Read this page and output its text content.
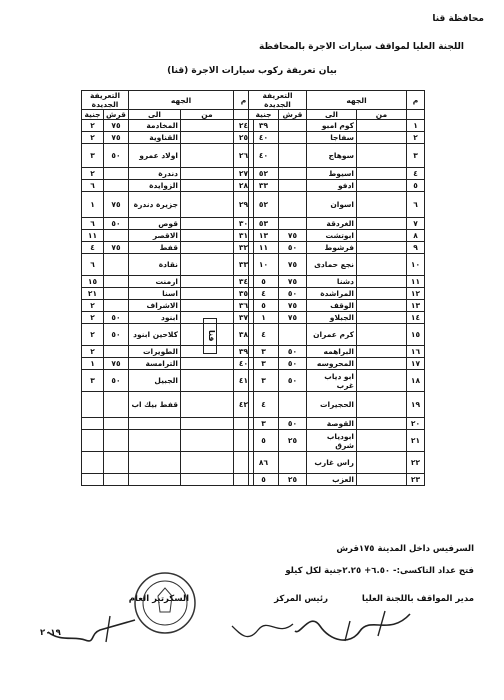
محافظة قنا
اللجنة العليا لمواقف سيارات الاجرة بالمحافظة
بيان تعريفة ركوب سيارات الاجرة (قنا)
التعريفة الجديدة		الجهه		م
جنية	قرش	الى	من	
٢	٧٥	المخادمة		٢٤
٢	٧٥	القناوية		٢٥
٣	٥٠	اولاد عمرو		٢٦
٢		دندرة		٢٧
٦		الزوايدة		٢٨
١	٧٥	جزيرة دندرة		٢٩
٦	٥٠	قوص		٣٠
١١		الاقصر		٣١
٤	٧٥	قفط		٣٢
٦		نقادة		٣٣
١٥		ارمنت		٣٤
٢١		اسنا		٣٥
٢		الاشراف		٣٦
٢	٥٠	ابنود		٣٧
٢	٥٠	كلاحين ابنود		٣٨
٢		الطويرات		٣٩
١	٧٥	الترامسة		٤٠
٣	٥٠	الجبيل		٤١
		قفط بيك اب		٤٢

قنا
التعريفة الجديدة		الجهه		م
جنية	قرش	الى	من	
٣٩		كوم امبو		١
٤٠		سفاجا		٢
٤٠		سوهاج		٣
٥٢		اسيوط		٤
٣٣		ادفو		٥
٥٢		اسوان		٦
٥٣		الغردقة		٧
١٣	٧٥	ابوتشت		٨
١١	٥٠	فرشوط		٩
١٠	٧٥	نجع حمادى		١٠
٥	٧٥	دشنا		١١
٤	٥٠	المراشدة		١٢
٥	٧٥	الوقف		١٣
١	٧٥	الجبلاو		١٤
٤		كرم عمران		١٥
٣	٥٠	البراهمه		١٦
٣	٥٠	المحروسه		١٧
٣	٥٠	ابو دياب غرب		١٨
٤		الحجيرات		١٩
٣	٥٠	القوصة		٢٠
٥	٢٥	ابودياب شرق		٢١
٨٦		راس غارب		٢٢
٥	٢٥	العزب		٢٣
السرفيس داخل المدينة ١٧٥قرش
فتح عداد التاكسى:- ٦.٥٠+ ٢.٢٥جنية لكل كيلو
مدير المواقف باللجنة العليا
رئيس المركز
السكرتير العام
٢٠١٩
